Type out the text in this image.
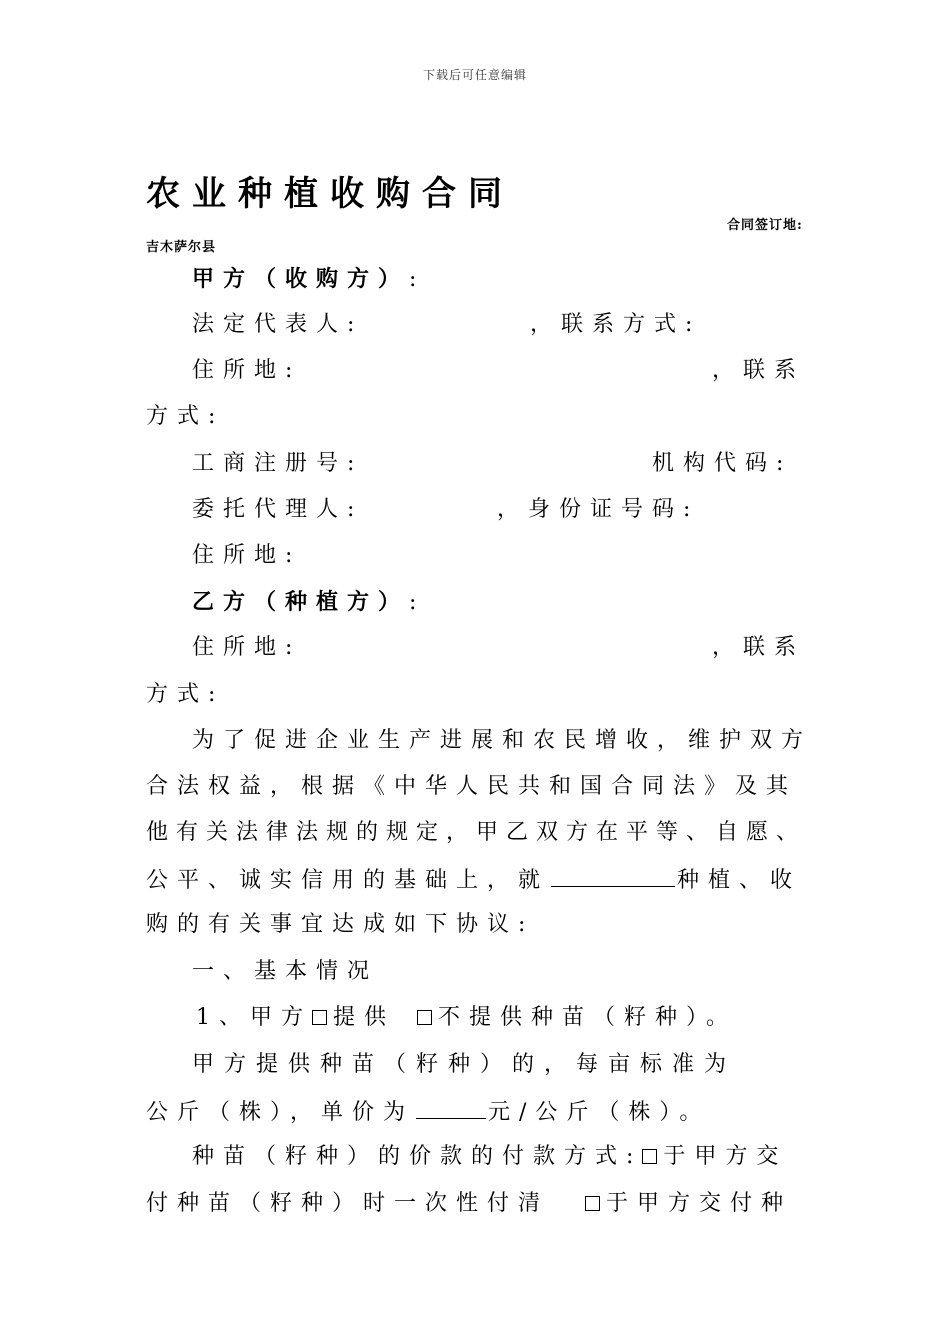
下载后可任意编辑
农业种植收购合同
合同签订地:
吉木萨尔县
甲方（收购方）:
法定代表人:	，联系方式:
住所地:	，联系
方式:
工商注册号:	机构代码:
委托代理人:	，身份证号码:
住所地:
乙方（种植方）:
住所地:	，联系
方式:
为了促进企业生产进展和农民增收，维护双方
合法权益，根据《中华人民共和国合同法》及其
他有关法律法规的规定，甲乙双方在平等、自愿、
公平、诚实信用的基础上，就	种植、收
购的有关事宜达成如下协议:
一、基本情况
1、甲方 提供 不提供种苗（籽种）。
甲方提供种苗（籽种）的，每亩标准为
公斤（株），单价为	元/公斤（株）。
种苗（籽种）的价款的付款方式: 于甲方交
付种苗（籽种）时一次性付清	于甲方交付种
